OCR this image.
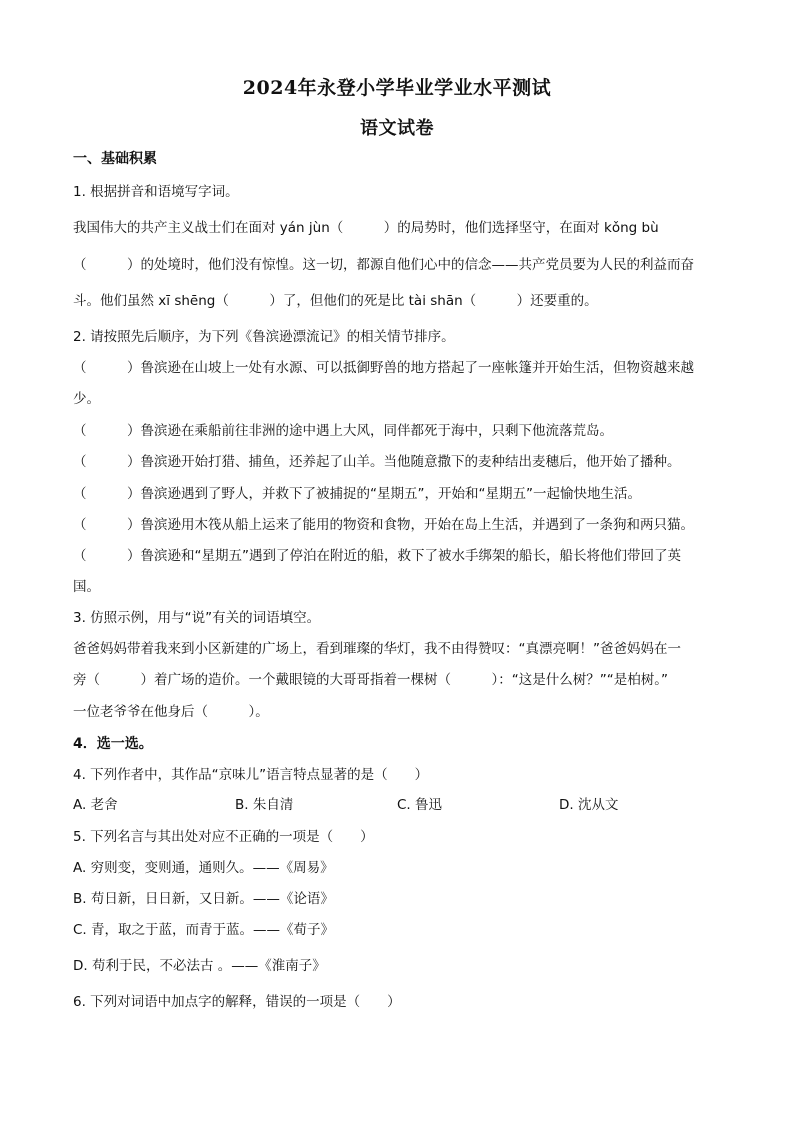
2024年永登小学毕业学业水平测试
语文试卷
一、基础积累
1. 根据拼音和语境写字词。
我国伟大的共产主义战士们在面对 yán jùn（　　　）的局势时，他们选择坚守，在面对 kǒng bù
（　　　）的处境时，他们没有惊惶。这一切，都源自他们心中的信念——共产党员要为人民的利益而奋
斗。他们虽然 xī shēng（　　　）了，但他们的死是比 tài shān（　　　）还要重的。
2. 请按照先后顺序，为下列《鲁滨逊漂流记》的相关情节排序。
（　　　）鲁滨逊在山坡上一处有水源、可以抵御野兽的地方搭起了一座帐篷并开始生活，但物资越来越
少。
（　　　）鲁滨逊在乘船前往非洲的途中遇上大风，同伴都死于海中，只剩下他流落荒岛。
（　　　）鲁滨逊开始打猎、捕鱼，还养起了山羊。当他随意撒下的麦种结出麦穗后，他开始了播种。
（　　　）鲁滨逊遇到了野人，并救下了被捕捉的“星期五”，开始和“星期五”一起愉快地生活。
（　　　）鲁滨逊用木筏从船上运来了能用的物资和食物，开始在岛上生活，并遇到了一条狗和两只猫。
（　　　）鲁滨逊和“星期五”遇到了停泊在附近的船，救下了被水手绑架的船长，船长将他们带回了英
国。
3. 仿照示例，用与“说”有关的词语填空。
爸爸妈妈带着我来到小区新建的广场上，看到璀璨的华灯，我不由得赞叹：“真漂亮啊！”爸爸妈妈在一
旁（　　　）着广场的造价。一个戴眼镜的大哥哥指着一棵树（　　　）：“这是什么树？”“是柏树。”
一位老爷爷在他身后（　　　）。
4．选一选。
4. 下列作者中，其作品“京味儿”语言特点显著的是（　　）
A. 老舍	B. 朱自清	C. 鲁迅	D. 沈从文
5. 下列名言与其出处对应不正确的一项是（　　）
A. 穷则变，变则通，通则久。——《周易》
B. 苟日新，日日新，又日新。——《论语》
C. 青，取之于蓝，而青于蓝。——《荀子》
D. 苟利于民，不必法古 。——《淮南子》
6. 下列对词语中加点字的解释，错误的一项是（　　）
